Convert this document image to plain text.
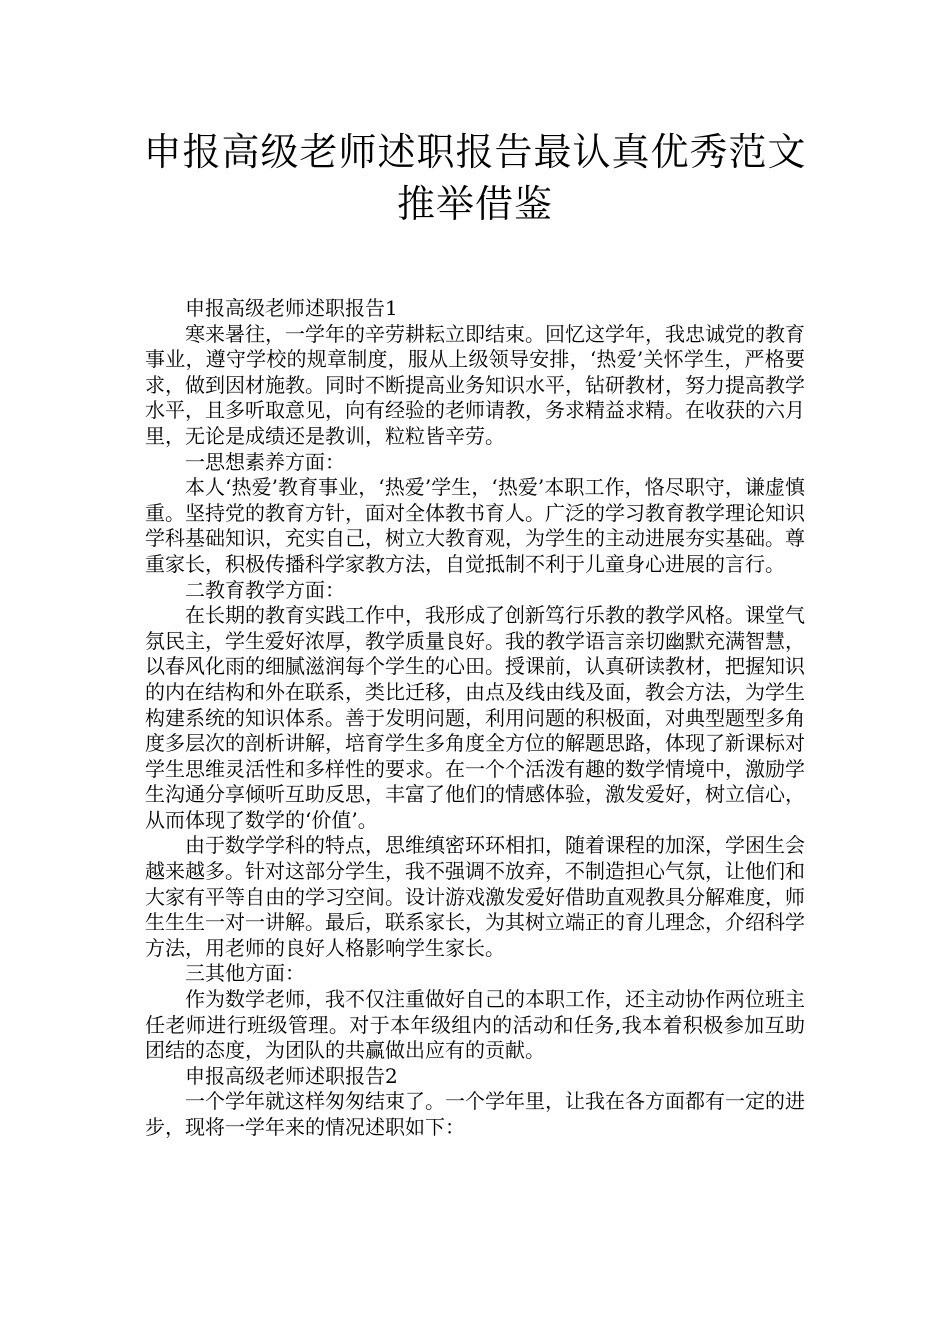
申报高级老师述职报告最认真优秀范文
推举借鉴

申报高级老师述职报告1

寒来暑往，一学年的辛劳耕耘立即结束。回忆这学年，我忠诚党的教育事业，遵守学校的规章制度，服从上级领导安排，‘热爱’关怀学生，严格要求，做到因材施教。同时不断提高业务知识水平，钻研教材，努力提高教学水平，且多听取意见，向有经验的老师请教，务求精益求精。在收获的六月里，无论是成绩还是教训，粒粒皆辛劳。

一思想素养方面：

本人‘热爱’教育事业，‘热爱’学生，‘热爱’本职工作，恪尽职守，谦虚慎重。坚持党的教育方针，面对全体教书育人。广泛的学习教育教学理论知识学科基础知识，充实自己，树立大教育观，为学生的主动进展夯实基础。尊重家长，积极传播科学家教方法，自觉抵制不利于儿童身心进展的言行。

二教育教学方面：

在长期的教育实践工作中，我形成了创新笃行乐教的教学风格。课堂气氛民主，学生爱好浓厚，教学质量良好。我的教学语言亲切幽默充满智慧，以春风化雨的细腻滋润每个学生的心田。授课前，认真研读教材，把握知识的内在结构和外在联系，类比迁移，由点及线由线及面，教会方法，为学生构建系统的知识体系。善于发明问题，利用问题的积极面，对典型题型多角度多层次的剖析讲解，培育学生多角度全方位的解题思路，体现了新课标对学生思维灵活性和多样性的要求。在一个个活泼有趣的数学情境中，激励学生沟通分享倾听互助反思，丰富了他们的情感体验，激发爱好，树立信心，从而体现了数学的‘价值’。

由于数学学科的特点，思维缜密环环相扣，随着课程的加深，学困生会越来越多。针对这部分学生，我不强调不放弃，不制造担心气氛，让他们和大家有平等自由的学习空间。设计游戏激发爱好借助直观教具分解难度，师生生生一对一讲解。最后，联系家长，为其树立端正的育儿理念，介绍科学方法，用老师的良好人格影响学生家长。

三其他方面：

作为数学老师，我不仅注重做好自己的本职工作，还主动协作两位班主任老师进行班级管理。对于本年级组内的活动和任务,我本着积极参加互助团结的态度，为团队的共赢做出应有的贡献。

申报高级老师述职报告2

一个学年就这样匆匆结束了。一个学年里，让我在各方面都有一定的进步，现将一学年来的情况述职如下：
